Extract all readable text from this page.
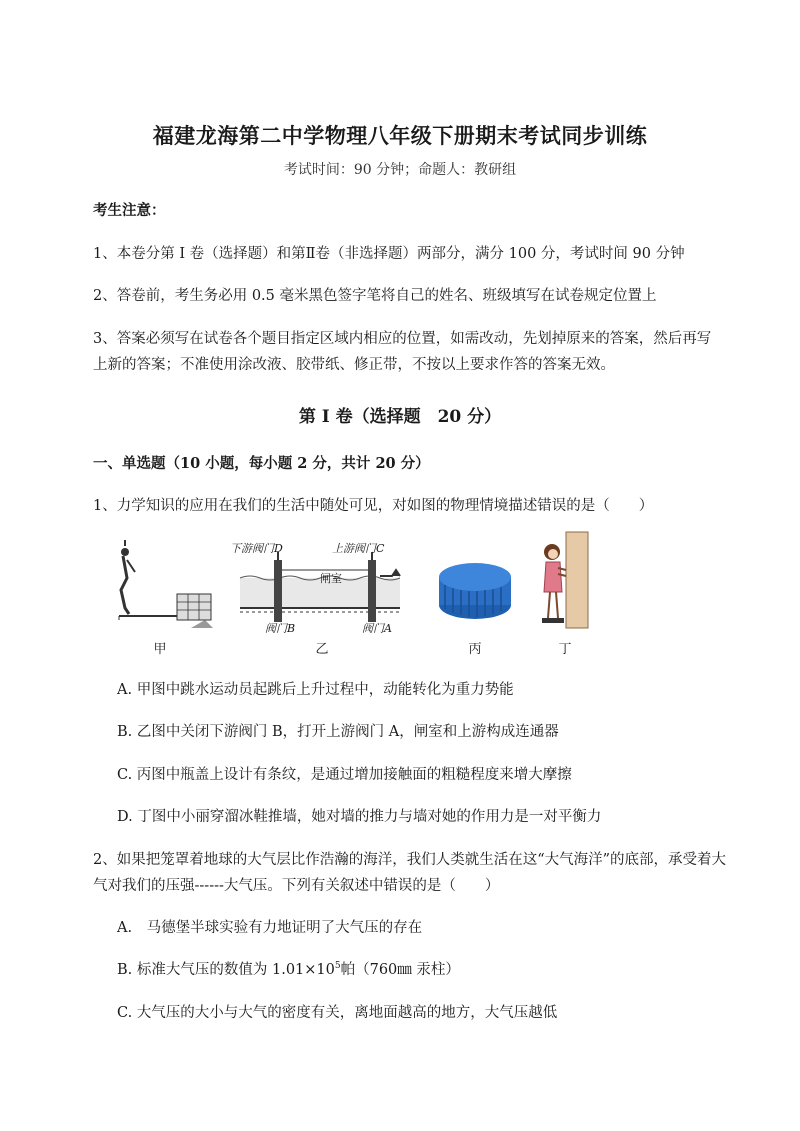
福建龙海第二中学物理八年级下册期末考试同步训练
考试时间：90 分钟；命题人：教研组
考生注意：
1、本卷分第 I 卷（选择题）和第Ⅱ卷（非选择题）两部分，满分 100 分，考试时间 90 分钟
2、答卷前，考生务必用 0.5 毫米黑色签字笔将自己的姓名、班级填写在试卷规定位置上
3、答案必须写在试卷各个题目指定区域内相应的位置，如需改动，先划掉原来的答案，然后再写上新的答案；不准使用涂改液、胶带纸、修正带，不按以上要求作答的答案无效。
第 I 卷（选择题　20 分）
一、单选题（10 小题，每小题 2 分，共计 20 分）
1、力学知识的应用在我们的生活中随处可见，对如图的物理情境描述错误的是（　　）
甲
下游阀门D	上游阀门C
闸室
阀门B	阀门A
乙	丙	丁
A. 甲图中跳水运动员起跳后上升过程中，动能转化为重力势能
B. 乙图中关闭下游阀门 B，打开上游阀门 A，闸室和上游构成连通器
C. 丙图中瓶盖上设计有条纹，是通过增加接触面的粗糙程度来增大摩擦
D. 丁图中小丽穿溜冰鞋推墙，她对墙的推力与墙对她的作用力是一对平衡力
2、如果把笼罩着地球的大气层比作浩瀚的海洋，我们人类就生活在这“大气海洋”的底部，承受着大
气对我们的压强------大气压。下列有关叙述中错误的是（　　）
A.　马德堡半球实验有力地证明了大气压的存在
B. 标准大气压的数值为 $1.01\times 10^5$帕（760㎜ 汞柱）
C. 大气压的大小与大气的密度有关，离地面越高的地方，大气压越低
